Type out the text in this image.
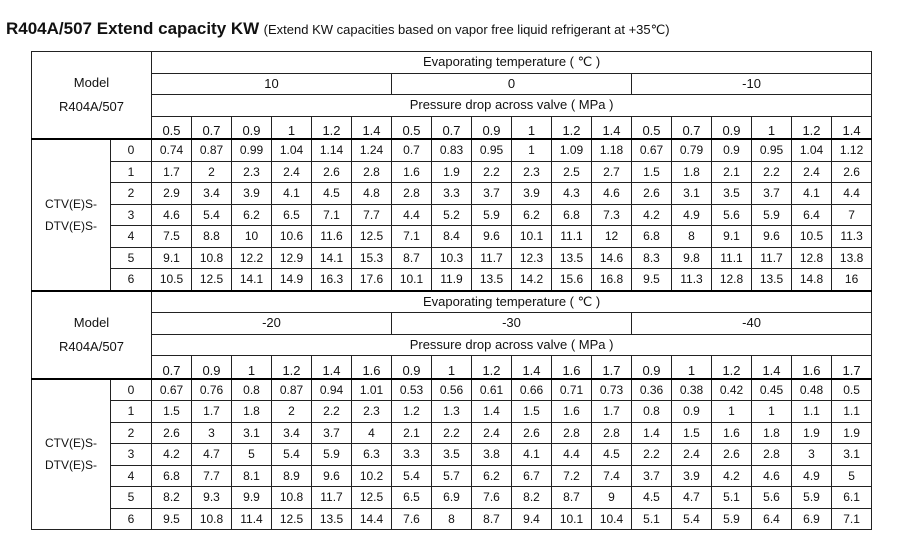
R404A/507 Extend capacity KW (Extend KW capacities based on vapor free liquid refrigerant at +35℃)
Model
R404A/507		Evaporating temperature ( ℃ )																	
		10						0						-10					
		Pressure drop across valve ( MPa )																	
		0.5	0.7	0.9	1	1.2	1.4	0.5	0.7	0.9	1	1.2	1.4	0.5	0.7	0.9	1	1.2	1.4

CTV(E)S-
DTV(E)S-	0	0.74	0.87	0.99	1.04	1.14	1.24	0.7	0.83	0.95	1	1.09	1.18	0.67	0.79	0.9	0.95	1.04	1.12
	1	1.7	2	2.3	2.4	2.6	2.8	1.6	1.9	2.2	2.3	2.5	2.7	1.5	1.8	2.1	2.2	2.4	2.6
	2	2.9	3.4	3.9	4.1	4.5	4.8	2.8	3.3	3.7	3.9	4.3	4.6	2.6	3.1	3.5	3.7	4.1	4.4
	3	4.6	5.4	6.2	6.5	7.1	7.7	4.4	5.2	5.9	6.2	6.8	7.3	4.2	4.9	5.6	5.9	6.4	7
	4	7.5	8.8	10	10.6	11.6	12.5	7.1	8.4	9.6	10.1	11.1	12	6.8	8	9.1	9.6	10.5	11.3
	5	9.1	10.8	12.2	12.9	14.1	15.3	8.7	10.3	11.7	12.3	13.5	14.6	8.3	9.8	11.1	11.7	12.8	13.8
	6	10.5	12.5	14.1	14.9	16.3	17.6	10.1	11.9	13.5	14.2	15.6	16.8	9.5	11.3	12.8	13.5	14.8	16

Model
R404A/507		Evaporating temperature ( ℃ )																	
		-20						-30						-40					
		Pressure drop across valve ( MPa )																	
		0.7	0.9	1	1.2	1.4	1.6	0.9	1	1.2	1.4	1.6	1.7	0.9	1	1.2	1.4	1.6	1.7

CTV(E)S-
DTV(E)S-	0	0.67	0.76	0.8	0.87	0.94	1.01	0.53	0.56	0.61	0.66	0.71	0.73	0.36	0.38	0.42	0.45	0.48	0.5
	1	1.5	1.7	1.8	2	2.2	2.3	1.2	1.3	1.4	1.5	1.6	1.7	0.8	0.9	1	1	1.1	1.1
	2	2.6	3	3.1	3.4	3.7	4	2.1	2.2	2.4	2.6	2.8	2.8	1.4	1.5	1.6	1.8	1.9	1.9
	3	4.2	4.7	5	5.4	5.9	6.3	3.3	3.5	3.8	4.1	4.4	4.5	2.2	2.4	2.6	2.8	3	3.1
	4	6.8	7.7	8.1	8.9	9.6	10.2	5.4	5.7	6.2	6.7	7.2	7.4	3.7	3.9	4.2	4.6	4.9	5
	5	8.2	9.3	9.9	10.8	11.7	12.5	6.5	6.9	7.6	8.2	8.7	9	4.5	4.7	5.1	5.6	5.9	6.1
	6	9.5	10.8	11.4	12.5	13.5	14.4	7.6	8	8.7	9.4	10.1	10.4	5.1	5.4	5.9	6.4	6.9	7.1
